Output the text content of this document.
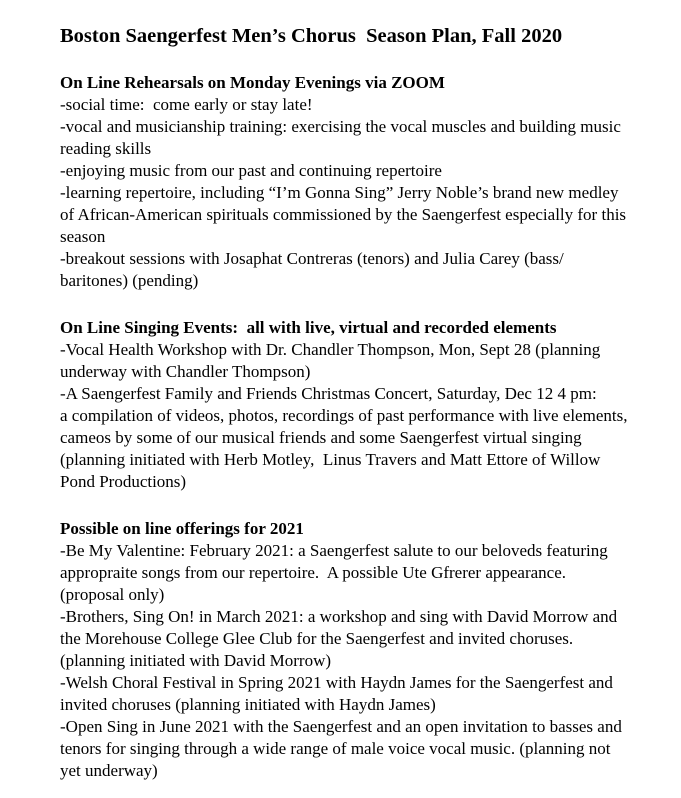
Boston Saengerfest Men’s Chorus  Season Plan, Fall 2020
On Line Rehearsals on Monday Evenings via ZOOM
-social time:  come early or stay late!
-vocal and musicianship training: exercising the vocal muscles and building music
reading skills
-enjoying music from our past and continuing repertoire
-learning repertoire, including “I’m Gonna Sing” Jerry Noble’s brand new medley
of African-American spirituals commissioned by the Saengerfest especially for this
season
-breakout sessions with Josaphat Contreras (tenors) and Julia Carey (bass/
baritones) (pending)
On Line Singing Events:  all with live, virtual and recorded elements
-Vocal Health Workshop with Dr. Chandler Thompson, Mon, Sept 28 (planning
underway with Chandler Thompson)
-A Saengerfest Family and Friends Christmas Concert, Saturday, Dec 12 4 pm:
a compilation of videos, photos, recordings of past performance with live elements,
cameos by some of our musical friends and some Saengerfest virtual singing
(planning initiated with Herb Motley,  Linus Travers and Matt Ettore of Willow
Pond Productions)
Possible on line offerings for 2021
-Be My Valentine: February 2021: a Saengerfest salute to our beloveds featuring
appropraite songs from our repertoire.  A possible Ute Gfrerer appearance.
(proposal only)
-Brothers, Sing On! in March 2021: a workshop and sing with David Morrow and
the Morehouse College Glee Club for the Saengerfest and invited choruses.
(planning initiated with David Morrow)
-Welsh Choral Festival in Spring 2021 with Haydn James for the Saengerfest and
invited choruses (planning initiated with Haydn James)
-Open Sing in June 2021 with the Saengerfest and an open invitation to basses and
tenors for singing through a wide range of male voice vocal music. (planning not
yet underway)
